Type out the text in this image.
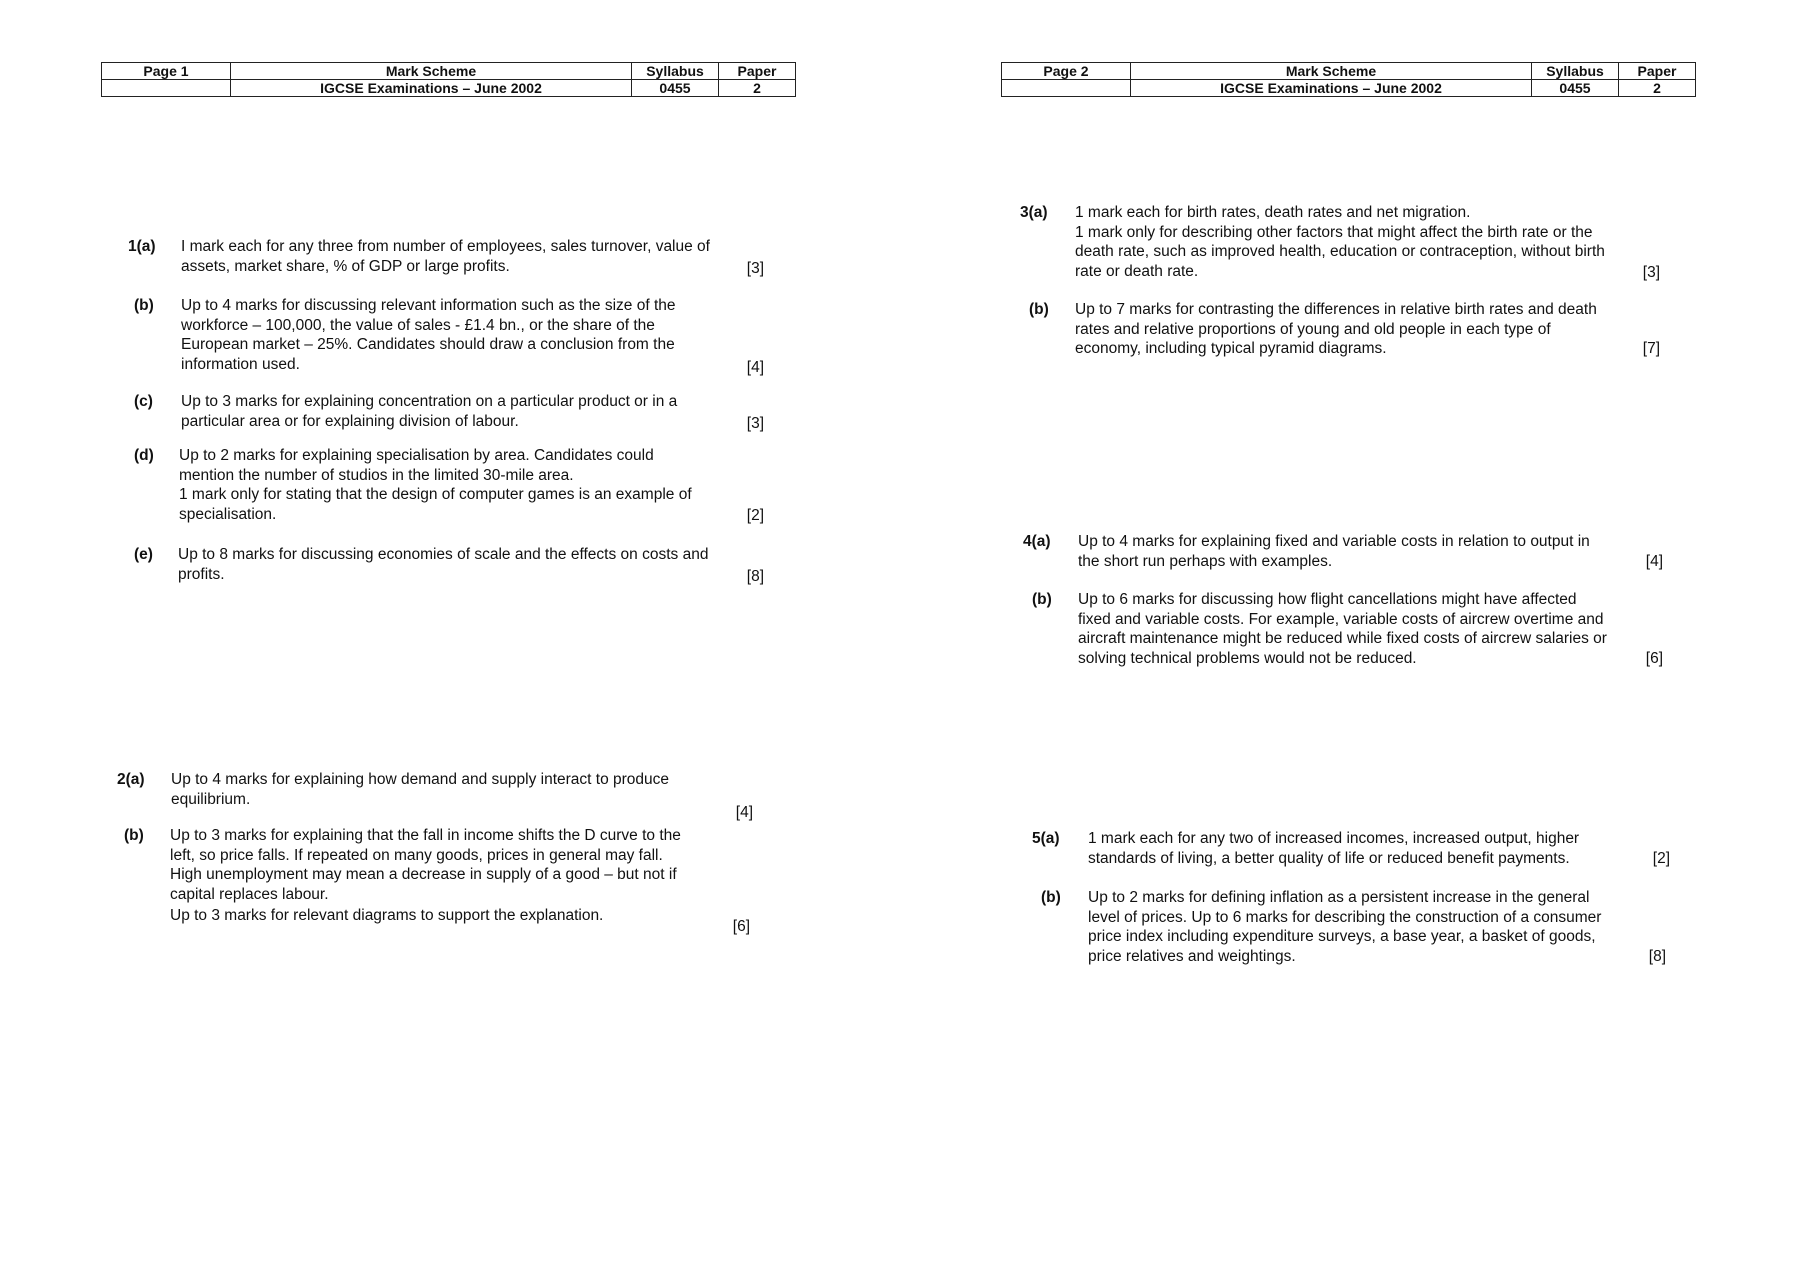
Page 1	Mark Scheme	Syllabus	Paper
	IGCSE Examinations – June 2002	0455	2
1(a) I mark each for any three from number of employees, sales turnover, value of
assets, market share, % of GDP or large profits.	[3]
(b) Up to 4 marks for discussing relevant information such as the size of the
workforce – 100,000, the value of sales - £1.4 bn., or the share of the
European market – 25%. Candidates should draw a conclusion from the
information used.	[4]
(c) Up to 3 marks for explaining concentration on a particular product or in a
particular area or for explaining division of labour.	[3]
(d) Up to 2 marks for explaining specialisation by area. Candidates could
mention the number of studios in the limited 30-mile area.
1 mark only for stating that the design of computer games is an example of
specialisation.	[2]
(e) Up to 8 marks for discussing economies of scale and the effects on costs and
profits.	[8]
2(a) Up to 4 marks for explaining how demand and supply interact to produce
equilibrium.
[4]
(b) Up to 3 marks for explaining that the fall in income shifts the D curve to the
left, so price falls. If repeated on many goods, prices in general may fall.
High unemployment may mean a decrease in supply of a good – but not if
capital replaces labour.
Up to 3 marks for relevant diagrams to support the explanation.
[6]
Page 2	Mark Scheme	Syllabus	Paper
	IGCSE Examinations – June 2002	0455	2
3(a) 1 mark each for birth rates, death rates and net migration.
1 mark only for describing other factors that might affect the birth rate or the
death rate, such as improved health, education or contraception, without birth
rate or death rate.	[3]
(b) Up to 7 marks for contrasting the differences in relative birth rates and death
rates and relative proportions of young and old people in each type of
economy, including typical pyramid diagrams.	[7]
4(a) Up to 4 marks for explaining fixed and variable costs in relation to output in
the short run perhaps with examples.	[4]
(b) Up to 6 marks for discussing how flight cancellations might have affected
fixed and variable costs. For example, variable costs of aircrew overtime and
aircraft maintenance might be reduced while fixed costs of aircrew salaries or
solving technical problems would not be reduced.	[6]
5(a) 1 mark each for any two of increased incomes, increased output, higher
standards of living, a better quality of life or reduced benefit payments.	[2]
(b) Up to 2 marks for defining inflation as a persistent increase in the general
level of prices. Up to 6 marks for describing the construction of a consumer
price index including expenditure surveys, a base year, a basket of goods,
price relatives and weightings.	[8]
